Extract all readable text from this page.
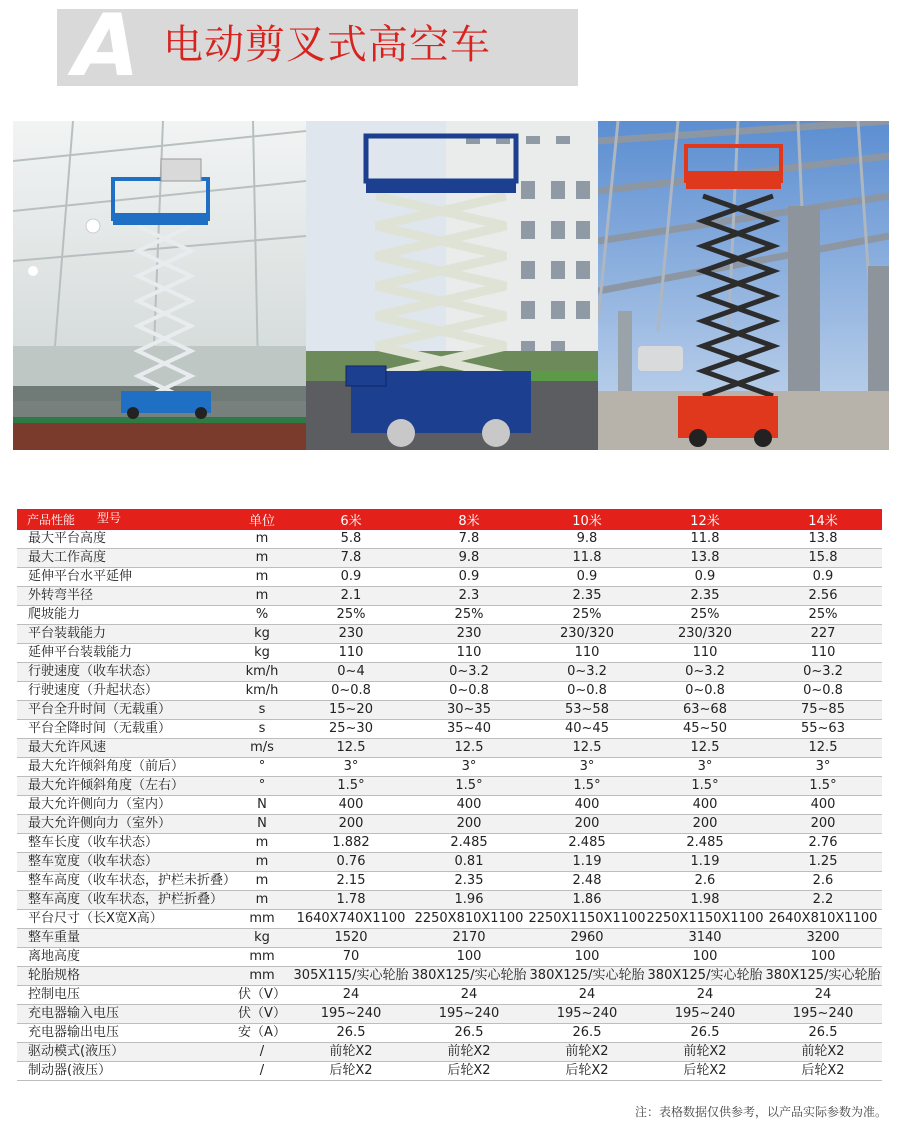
A 电动剪叉式高空车
产品性能 型号	单位	6米	8米	10米	12米	14米
最大平台高度	m	5.8	7.8	9.8	11.8	13.8
最大工作高度	m	7.8	9.8	11.8	13.8	15.8
延伸平台水平延伸	m	0.9	0.9	0.9	0.9	0.9
外转弯半径	m	2.1	2.3	2.35	2.35	2.56
爬坡能力	%	25%	25%	25%	25%	25%
平台装载能力	kg	230	230	230/320	230/320	227
延伸平台装载能力	kg	110	110	110	110	110
行驶速度（收车状态）	km/h	0~4	0~3.2	0~3.2	0~3.2	0~3.2
行驶速度（升起状态）	km/h	0~0.8	0~0.8	0~0.8	0~0.8	0~0.8
平台全升时间（无载重）	s	15~20	30~35	53~58	63~68	75~85
平台全降时间（无载重）	s	25~30	35~40	40~45	45~50	55~63
最大允许风速	m/s	12.5	12.5	12.5	12.5	12.5
最大允许倾斜角度（前后）	°	3°	3°	3°	3°	3°
最大允许倾斜角度（左右）	°	1.5°	1.5°	1.5°	1.5°	1.5°
最大允许侧向力（室内）	N	400	400	400	400	400
最大允许侧向力（室外）	N	200	200	200	200	200
整车长度（收车状态）	m	1.882	2.485	2.485	2.485	2.76
整车宽度（收车状态）	m	0.76	0.81	1.19	1.19	1.25
整车高度（收车状态，护栏未折叠）	m	2.15	2.35	2.48	2.6	2.6
整车高度（收车状态，护栏折叠）	m	1.78	1.96	1.86	1.98	2.2
平台尺寸（长X宽X高）	mm	1640X740X1100	2250X810X1100	2250X1150X1100	2250X1150X1100	2640X810X1100
整车重量	kg	1520	2170	2960	3140	3200
离地高度	mm	70	100	100	100	100
轮胎规格	mm	305X115/实心轮胎	380X125/实心轮胎	380X125/实心轮胎	380X125/实心轮胎	380X125/实心轮胎
控制电压	伏（V）	24	24	24	24	24
充电器输入电压	伏（V）	195~240	195~240	195~240	195~240	195~240
充电器输出电压	安（A）	26.5	26.5	26.5	26.5	26.5
驱动模式(液压）	/	前轮X2	前轮X2	前轮X2	前轮X2	前轮X2
制动器(液压）	/	后轮X2	后轮X2	后轮X2	后轮X2	后轮X2
注：表格数据仅供参考，以产品实际参数为准。
